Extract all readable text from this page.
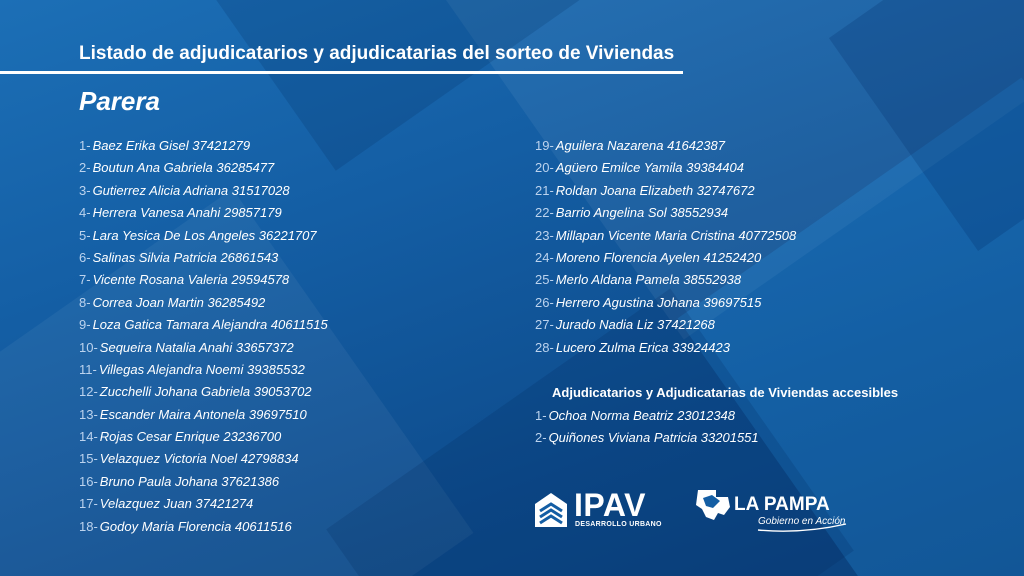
Listado de adjudicatarios y adjudicatarias del sorteo de Viviendas
Parera
1- Baez Erika Gisel 37421279
2- Boutun Ana Gabriela 36285477
3- Gutierrez Alicia Adriana 31517028
4- Herrera Vanesa Anahi 29857179
5- Lara Yesica De Los Angeles 36221707
6- Salinas Silvia Patricia 26861543
7- Vicente Rosana Valeria 29594578
8- Correa Joan Martin 36285492
9- Loza Gatica Tamara Alejandra 40611515
10- Sequeira Natalia Anahi 33657372
11- Villegas Alejandra Noemi 39385532
12- Zucchelli Johana Gabriela 39053702
13- Escander Maira Antonela 39697510
14- Rojas Cesar Enrique 23236700
15- Velazquez Victoria Noel 42798834
16- Bruno Paula Johana 37621386
17- Velazquez Juan 37421274
18- Godoy Maria Florencia 40611516
19- Aguilera Nazarena 41642387
20- Agüero Emilce Yamila 39384404
21- Roldan Joana Elizabeth 32747672
22- Barrio Angelina Sol 38552934
23- Millapan Vicente Maria Cristina 40772508
24- Moreno Florencia Ayelen 41252420
25- Merlo Aldana Pamela 38552938
26- Herrero Agustina Johana 39697515
27- Jurado Nadia Liz 37421268
28- Lucero Zulma Erica 33924423
Adjudicatarios y Adjudicatarias de Viviendas accesibles
1- Ochoa Norma Beatriz 23012348
2- Quiñones Viviana Patricia 33201551
IPAV
DESARROLLO URBANO
LA PAMPA
Gobierno en Acción
